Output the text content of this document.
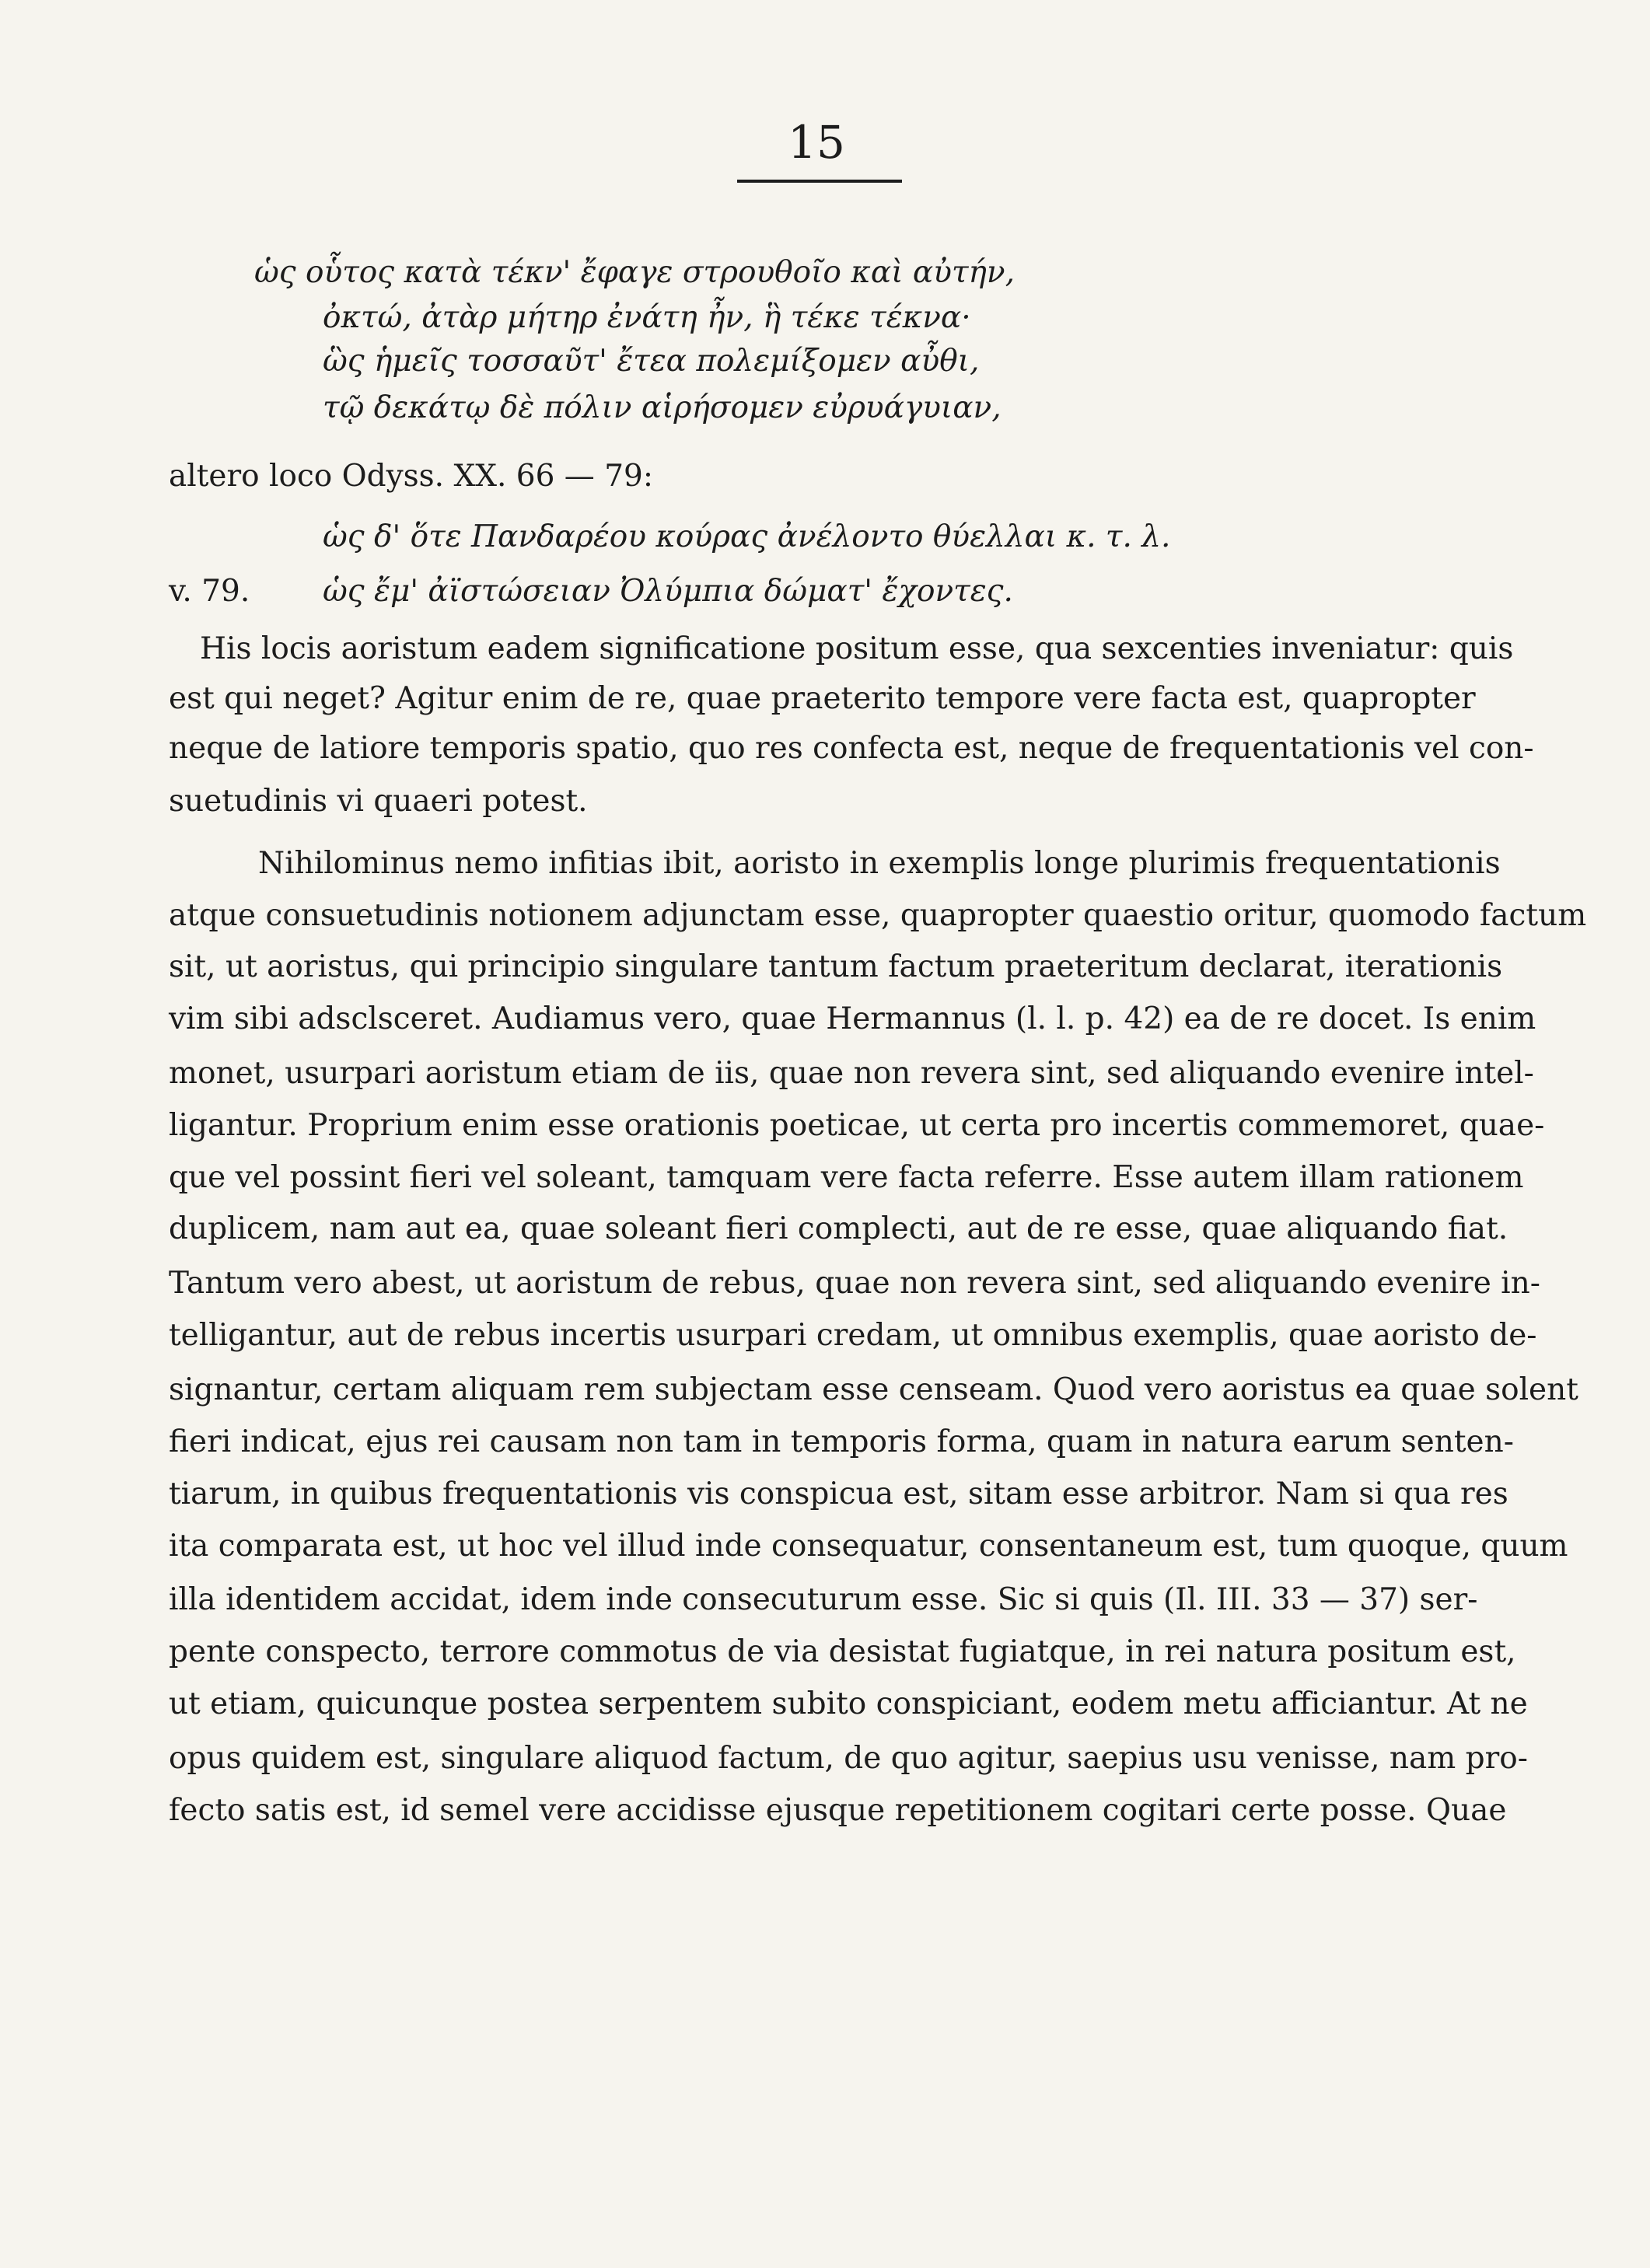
15
ὡς οὗτος κατὰ τέκν' ἔφαγε στρουθοῖο καὶ αὐτήν,
ὀκτώ, ἀτὰρ μήτηρ ἐνάτη ἦν, ἣ τέκε τέκνα·
ὣς ἡμεῖς τοσσαῦτ' ἔτεα πολεμίξομεν αὖθι,
τῷ δεκάτῳ δὲ πόλιν αἱρήσομεν εὐρυάγυιαν,
altero loco Odyss. XX. 66 — 79:
ὡς δ' ὅτε Πανδαρέου κούρας ἀνέλοντο θύελλαι κ. τ. λ.
v. 79. ὡς ἔμ' ἀϊστώσειαν Ὀλύμπια δώματ' ἔχοντες.
His locis aoristum eadem significatione positum esse, qua sexcenties inveniatur: quis
est qui neget? Agitur enim de re, quae praeterito tempore vere facta est, quapropter
neque de latiore temporis spatio, quo res confecta est, neque de frequentationis vel con-
suetudinis vi quaeri potest.
Nihilominus nemo infitias ibit, aoristo in exemplis longe plurimis frequentationis
atque consuetudinis notionem adjunctam esse, quapropter quaestio oritur, quomodo factum
sit, ut aoristus, qui principio singulare tantum factum praeteritum declarat, iterationis
vim sibi adsclsceret. Audiamus vero, quae Hermannus (l. l. p. 42) ea de re docet. Is enim
monet, usurpari aoristum etiam de iis, quae non revera sint, sed aliquando evenire intel-
ligantur. Proprium enim esse orationis poeticae, ut certa pro incertis commemoret, quae-
que vel possint fieri vel soleant, tamquam vere facta referre. Esse autem illam rationem
duplicem, nam aut ea, quae soleant fieri complecti, aut de re esse, quae aliquando fiat.
Tantum vero abest, ut aoristum de rebus, quae non revera sint, sed aliquando evenire in-
telligantur, aut de rebus incertis usurpari credam, ut omnibus exemplis, quae aoristo de-
signantur, certam aliquam rem subjectam esse censeam. Quod vero aoristus ea quae solent
fieri indicat, ejus rei causam non tam in temporis forma, quam in natura earum senten-
tiarum, in quibus frequentationis vis conspicua est, sitam esse arbitror. Nam si qua res
ita comparata est, ut hoc vel illud inde consequatur, consentaneum est, tum quoque, quum
illa identidem accidat, idem inde consecuturum esse. Sic si quis (Il. III. 33 — 37) ser-
pente conspecto, terrore commotus de via desistat fugiatque, in rei natura positum est,
ut etiam, quicunque postea serpentem subito conspiciant, eodem metu afficiantur. At ne
opus quidem est, singulare aliquod factum, de quo agitur, saepius usu venisse, nam pro-
fecto satis est, id semel vere accidisse ejusque repetitionem cogitari certe posse. Quae
